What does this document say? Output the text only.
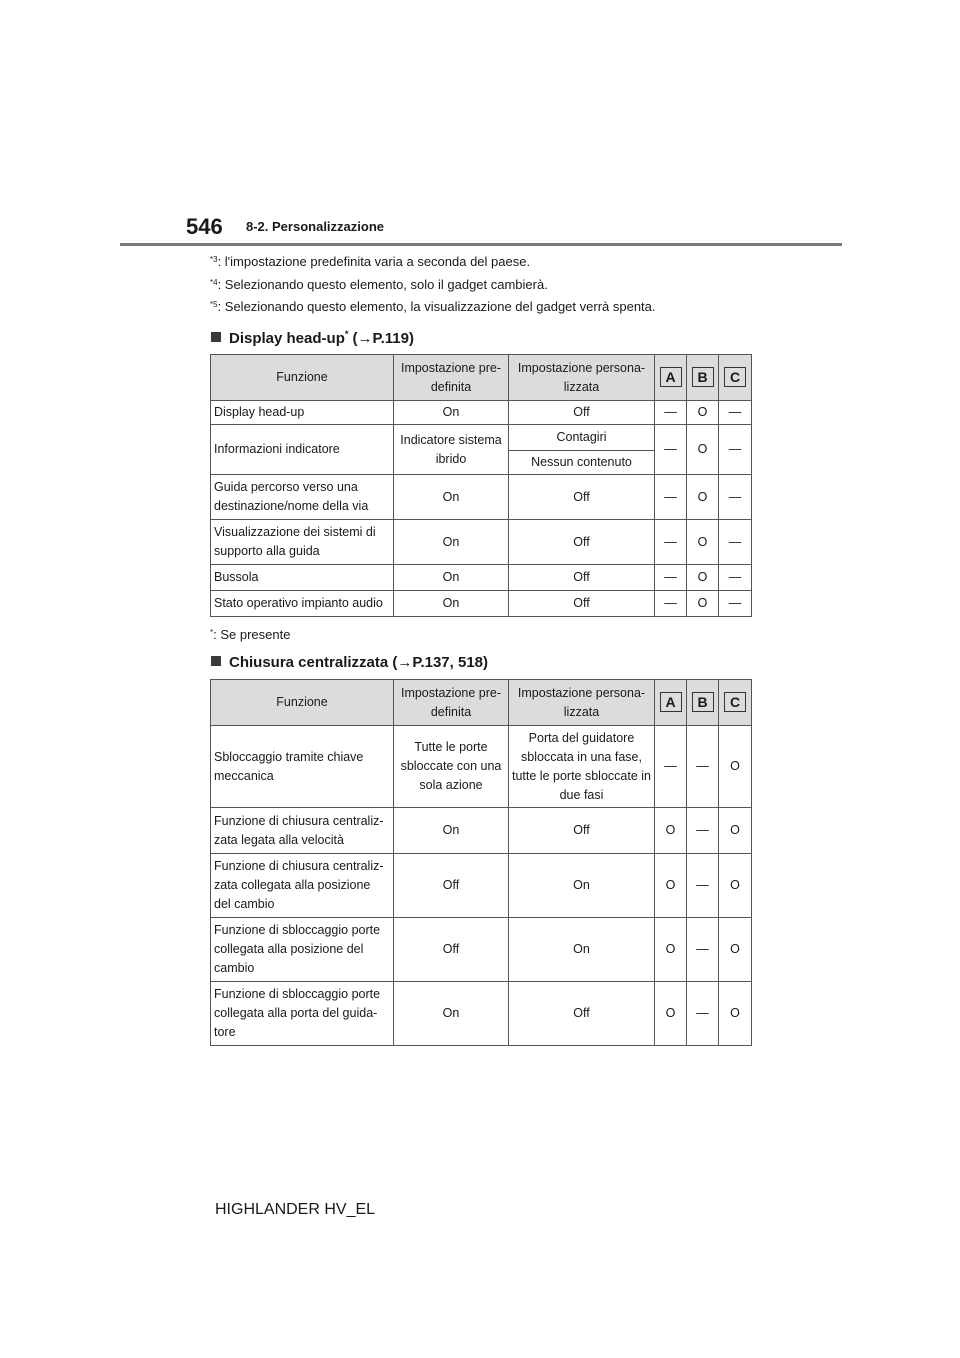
546 8-2. Personalizzazione
$^{*3}$: l'impostazione predefinita varia a seconda del paese.
$^{*4}$: Selezionando questo elemento, solo il gadget cambierà.
$^{*5}$: Selezionando questo elemento, la visualizzazione del gadget verrà spenta.
Display head-up* (→P.119)
Funzione	Impostazione pre-definita	Impostazione persona-lizzata	A	B	C
Display head-up	On	Off	—	O	—
Informazioni indicatore	Indicatore sistema ibrido	Contagiri	—	O	—
		Nessun contenuto			
Guida percorso verso una destinazione/nome della via	On	Off	—	O	—
Visualizzazione dei sistemi di supporto alla guida	On	Off	—	O	—
Bussola	On	Off	—	O	—
Stato operativo impianto audio	On	Off	—	O	—
*: Se presente
Chiusura centralizzata (→P.137, 518)
Funzione	Impostazione pre-definita	Impostazione persona-lizzata	A	B	C
Sbloccaggio tramite chiave meccanica	Tutte le porte sbloccate con una sola azione	Porta del guidatore sbloccata in una fase, tutte le porte sbloccate in due fasi	—	—	O
Funzione di chiusura centraliz-zata legata alla velocità	On	Off	O	—	O
Funzione di chiusura centraliz-zata collegata alla posizione del cambio	Off	On	O	—	O
Funzione di sbloccaggio porte collegata alla posizione del cambio	Off	On	O	—	O
Funzione di sbloccaggio porte collegata alla porta del guida-tore	On	Off	O	—	O
HIGHLANDER HV_EL
